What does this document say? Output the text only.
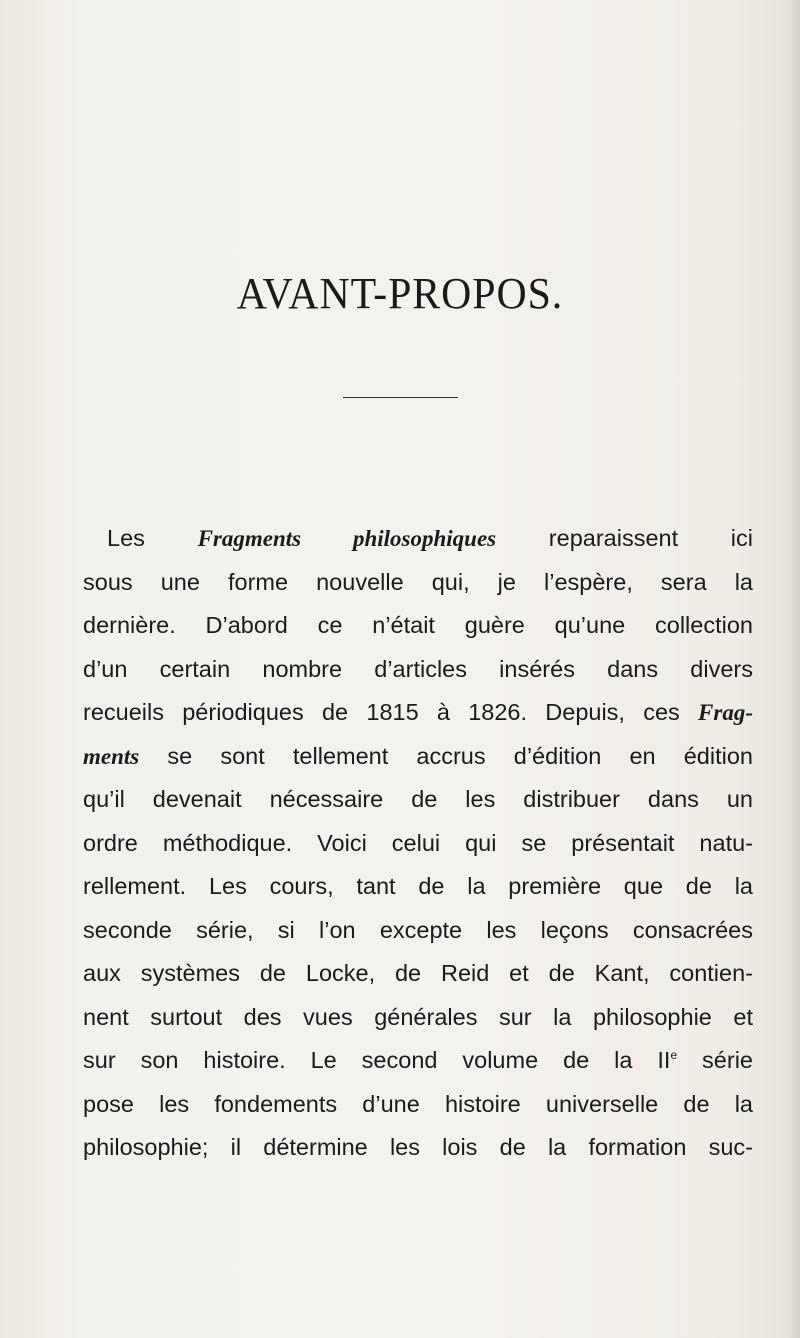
AVANT-PROPOS.
Les Fragments philosophiques reparaissent ici
sous une forme nouvelle qui, je l’espère, sera la
dernière. D’abord ce n’était guère qu’une collection
d’un certain nombre d’articles insérés dans divers
recueils périodiques de 1815 à 1826. Depuis, ces Frag-
ments se sont tellement accrus d’édition en édition
qu’il devenait nécessaire de les distribuer dans un
ordre méthodique. Voici celui qui se présentait natu-
rellement. Les cours, tant de la première que de la
seconde série, si l’on excepte les leçons consacrées
aux systèmes de Locke, de Reid et de Kant, contien-
nent surtout des vues générales sur la philosophie et
sur son histoire. Le second volume de la IIe série
pose les fondements d’une histoire universelle de la
philosophie; il détermine les lois de la formation suc-
